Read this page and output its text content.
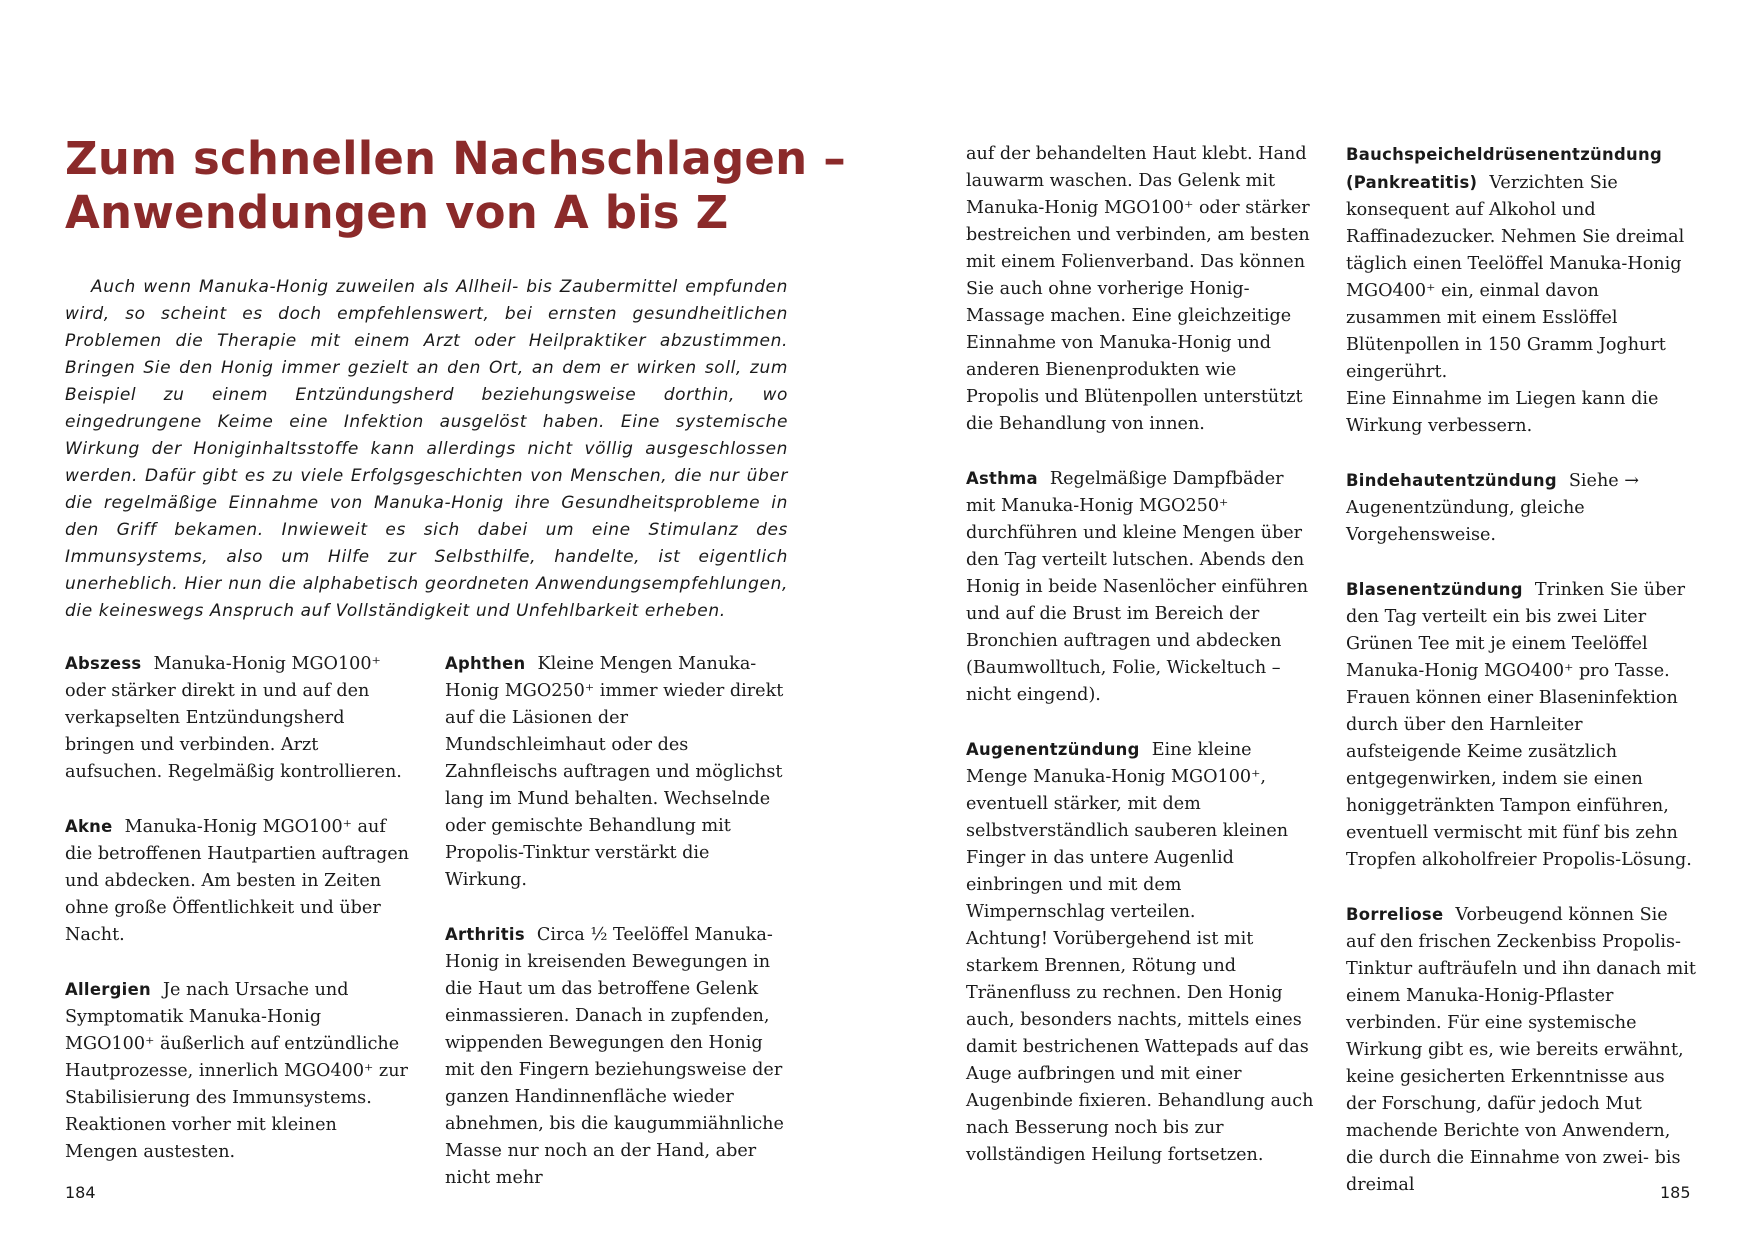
Zum schnellen Nachschlagen –
Anwendungen von A bis Z
Auch wenn Manuka-Honig zuweilen als Allheil- bis Zaubermittel empfunden wird, so scheint es doch empfehlenswert, bei ernsten gesundheitlichen Problemen die Therapie mit einem Arzt oder Heilpraktiker abzustimmen. Bringen Sie den Honig immer gezielt an den Ort, an dem er wirken soll, zum Beispiel zu einem Entzündungsherd beziehungsweise dorthin, wo eingedrungene Keime eine Infektion ausgelöst haben. Eine systemische Wirkung der Honiginhaltsstoffe kann allerdings nicht völlig ausgeschlossen werden. Dafür gibt es zu viele Erfolgsgeschichten von Menschen, die nur über die regelmäßige Einnahme von Manuka-Honig ihre Gesundheitsprobleme in den Griff bekamen. Inwieweit es sich dabei um eine Stimulanz des Immunsystems, also um Hilfe zur Selbsthilfe, handelte, ist eigentlich unerheblich. Hier nun die alphabetisch geordneten Anwendungsempfehlungen, die keineswegs Anspruch auf Vollständigkeit und Unfehlbarkeit erheben.

Abszess Manuka-Honig MGO100⁺ oder stärker direkt in und auf den verkapselten Entzündungsherd bringen und verbinden. Arzt aufsuchen. Regelmäßig kontrollieren.

Akne Manuka-Honig MGO100⁺ auf die betroffenen Hautpartien auftragen und abdecken. Am besten in Zeiten ohne große Öffentlichkeit und über Nacht.

Allergien Je nach Ursache und Symptomatik Manuka-Honig MGO100⁺ äußerlich auf entzündliche Hautprozesse, innerlich MGO400⁺ zur Stabilisierung des Immunsystems. Reaktionen vorher mit kleinen Mengen austesten.

Aphthen Kleine Mengen Manuka-Honig MGO250⁺ immer wieder direkt auf die Läsionen der Mundschleimhaut oder des Zahnfleischs auftragen und möglichst lang im Mund behalten. Wechselnde oder gemischte Behandlung mit Propolis-Tinktur verstärkt die Wirkung.

Arthritis Circa ½ Teelöffel Manuka-Honig in kreisenden Bewegungen in die Haut um das betroffene Gelenk einmassieren. Danach in zupfenden, wippenden Bewegungen den Honig mit den Fingern beziehungsweise der ganzen Handinnenfläche wieder abnehmen, bis die kaugummiähnliche Masse nur noch an der Hand, aber nicht mehr

184

auf der behandelten Haut klebt. Hand lauwarm waschen. Das Gelenk mit Manuka-Honig MGO100⁺ oder stärker bestreichen und verbinden, am besten mit einem Folienverband. Das können Sie auch ohne vorherige Honig-Massage machen. Eine gleichzeitige Einnahme von Manuka-Honig und anderen Bienenprodukten wie Propolis und Blütenpollen unterstützt die Behandlung von innen.

Asthma Regelmäßige Dampfbäder mit Manuka-Honig MGO250⁺ durchführen und kleine Mengen über den Tag verteilt lutschen. Abends den Honig in beide Nasenlöcher einführen und auf die Brust im Bereich der Bronchien auftragen und abdecken (Baumwolltuch, Folie, Wickeltuch – nicht eingend).

Augenentzündung Eine kleine Menge Manuka-Honig MGO100⁺, eventuell stärker, mit dem selbstverständlich sauberen kleinen Finger in das untere Augenlid einbringen und mit dem Wimpernschlag verteilen.
Achtung! Vorübergehend ist mit starkem Brennen, Rötung und Tränenfluss zu rechnen. Den Honig auch, besonders nachts, mittels eines damit bestrichenen Wattepads auf das Auge aufbringen und mit einer Augenbinde fixieren. Behandlung auch nach Besserung noch bis zur vollständigen Heilung fortsetzen.

Bauchspeicheldrüsenentzündung (Pankreatitis) Verzichten Sie konsequent auf Alkohol und Raffinadezucker. Nehmen Sie dreimal täglich einen Teelöffel Manuka-Honig MGO400⁺ ein, einmal davon zusammen mit einem Esslöffel Blütenpollen in 150 Gramm Joghurt eingerührt.
Eine Einnahme im Liegen kann die Wirkung verbessern.

Bindehautentzündung Siehe → Augenentzündung, gleiche Vorgehensweise.

Blasenentzündung Trinken Sie über den Tag verteilt ein bis zwei Liter Grünen Tee mit je einem Teelöffel Manuka-Honig MGO400⁺ pro Tasse. Frauen können einer Blaseninfektion durch über den Harnleiter aufsteigende Keime zusätzlich entgegenwirken, indem sie einen honiggetränkten Tampon einführen, eventuell vermischt mit fünf bis zehn Tropfen alkoholfreier Propolis-Lösung.

Borreliose Vorbeugend können Sie auf den frischen Zeckenbiss Propolis-Tinktur aufträufeln und ihn danach mit einem Manuka-Honig-Pflaster verbinden. Für eine systemische Wirkung gibt es, wie bereits erwähnt, keine gesicherten Erkenntnisse aus der Forschung, dafür jedoch Mut machende Berichte von Anwendern, die durch die Einnahme von zwei- bis dreimal	185
